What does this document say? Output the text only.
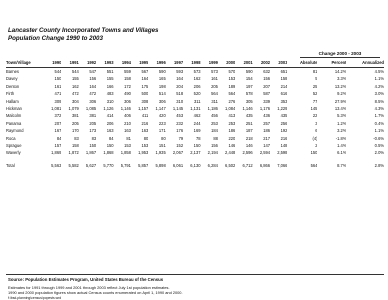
Lancaster County Incorporated Towns and Villages
Population Change 1990 to 2003
Change 2000 - 2003
Town/Village	1990	1991	1992	1993	1994	1995	1996	1997	1998	1999	2000	2001	2002	2003	Absolute	Percent	Annualized
Barnes	544	544	547	551	559	567	590	593	573	573	570	590	632	651	81	14.2%	4.5%
Davey	150	155	156	155	158	164	165	164	162	161	153	154	156	158	5	3.3%	1.1%
Denton	161	162	164	166	172	175	198	204	206	205	189	197	207	214	25	13.2%	4.2%
Firth	471	472	472	483	490	500	514	518	520	564	564	578	587	616	52	9.2%	3.0%
Hallam	309	304	306	310	306	308	306	310	311	311	276	305	339	353	77	27.9%	8.5%
Hickman	1,081	1,079	1,085	1,126	1,146	1,157	1,147	1,145	1,131	1,186	1,084	1,146	1,176	1,229	145	13.4%	4.3%
Malcolm	372	381	381	414	406	411	420	453	462	456	413	435	436	435	22	5.3%	1.7%
Panama	207	205	205	206	210	216	223	232	244	253	253	251	257	256	3	1.2%	0.4%
Raymond	167	170	173	163	163	163	171	176	169	184	186	187	186	192	6	3.2%	1.1%
Roca	84	83	83	84	81	80	80	79	78	88	220	218	217	216	(4)	-1.8%	-0.6%
Sprague	157	158	150	150	153	153	151	152	150	156	146	146	147	148	2	1.4%	0.5%
Waverly	1,869	1,872	1,867	1,868	1,858	1,953	1,935	2,067	2,137	2,194	2,448	2,596	2,594	2,598	150	6.1%	2.0%

Total	5,563	5,582	5,627	5,770	5,791	5,857	5,898	6,061	6,130	6,284	6,502	6,712	6,866	7,066	564	8.7%	2.8%
Source: Population Estimates Program, United States Bureau of the Census
Estimates for 1991 through 1999 and 2001 through 2003 reflect July 1st population estimates.
1990 and 2000 population figures show actual Census counts enumerated on April 1, 1990 and 2000.
f:\bsd-planning\census\popests.wrd
